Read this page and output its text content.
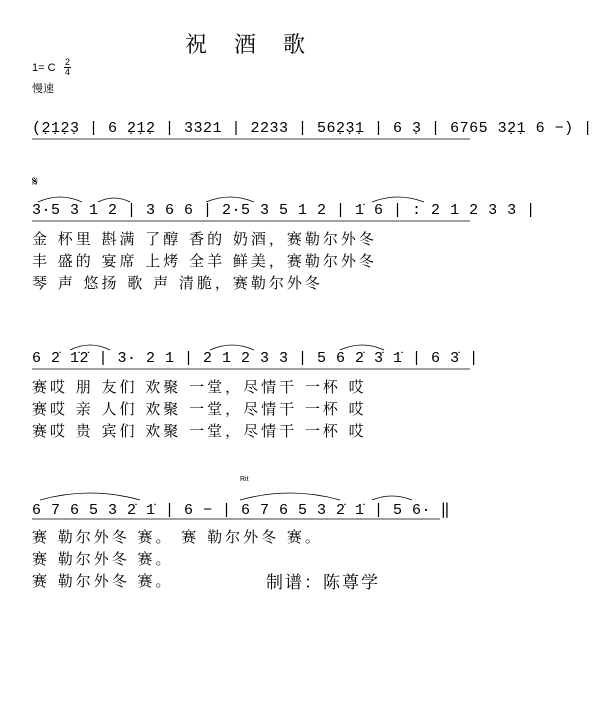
祝 酒 歌
1= C 2
4
慢速
(2̣1̣2̣3̣ | 6 2̣1̣2̣ | 3321 | 2233 | 562̣3̣1̣ | 6 3̣ | 6765 32̣1̣ 6 −) |
𝄋
3·5 3 1 2 | 3 6 6 | 2·5 3 5 1 2 | 1̇ 6 | : 2 1 2 3 3 |
金 杯里 斟满 了醇 香的 奶酒，赛勒尔外冬
丰 盛的 宴席 上烤 全羊 鲜美，赛勒尔外冬
琴 声 悠扬 歌 声 清脆，赛勒尔外冬
6 2̇ 1̇2̇ | 3· 2 1 | 2 1 2 3 3 | 5 6 2̇ 3̇ 1̇ | 6 3̇ |
赛哎 朋 友们 欢聚 一堂，尽情干 一杯 哎
赛哎 亲 人们 欢聚 一堂，尽情干 一杯 哎
赛哎 贵 宾们 欢聚 一堂，尽情干 一杯 哎
Rit
6 7 6 5 3 2̇ 1̇ | 6 − | 6 7 6 5 3 2̇ 1̇ | 5 6· ‖
赛 勒尔外冬 赛。 赛 勒尔外冬 赛。
赛 勒尔外冬 赛。
赛 勒尔外冬 赛。	制谱：陈尊学
